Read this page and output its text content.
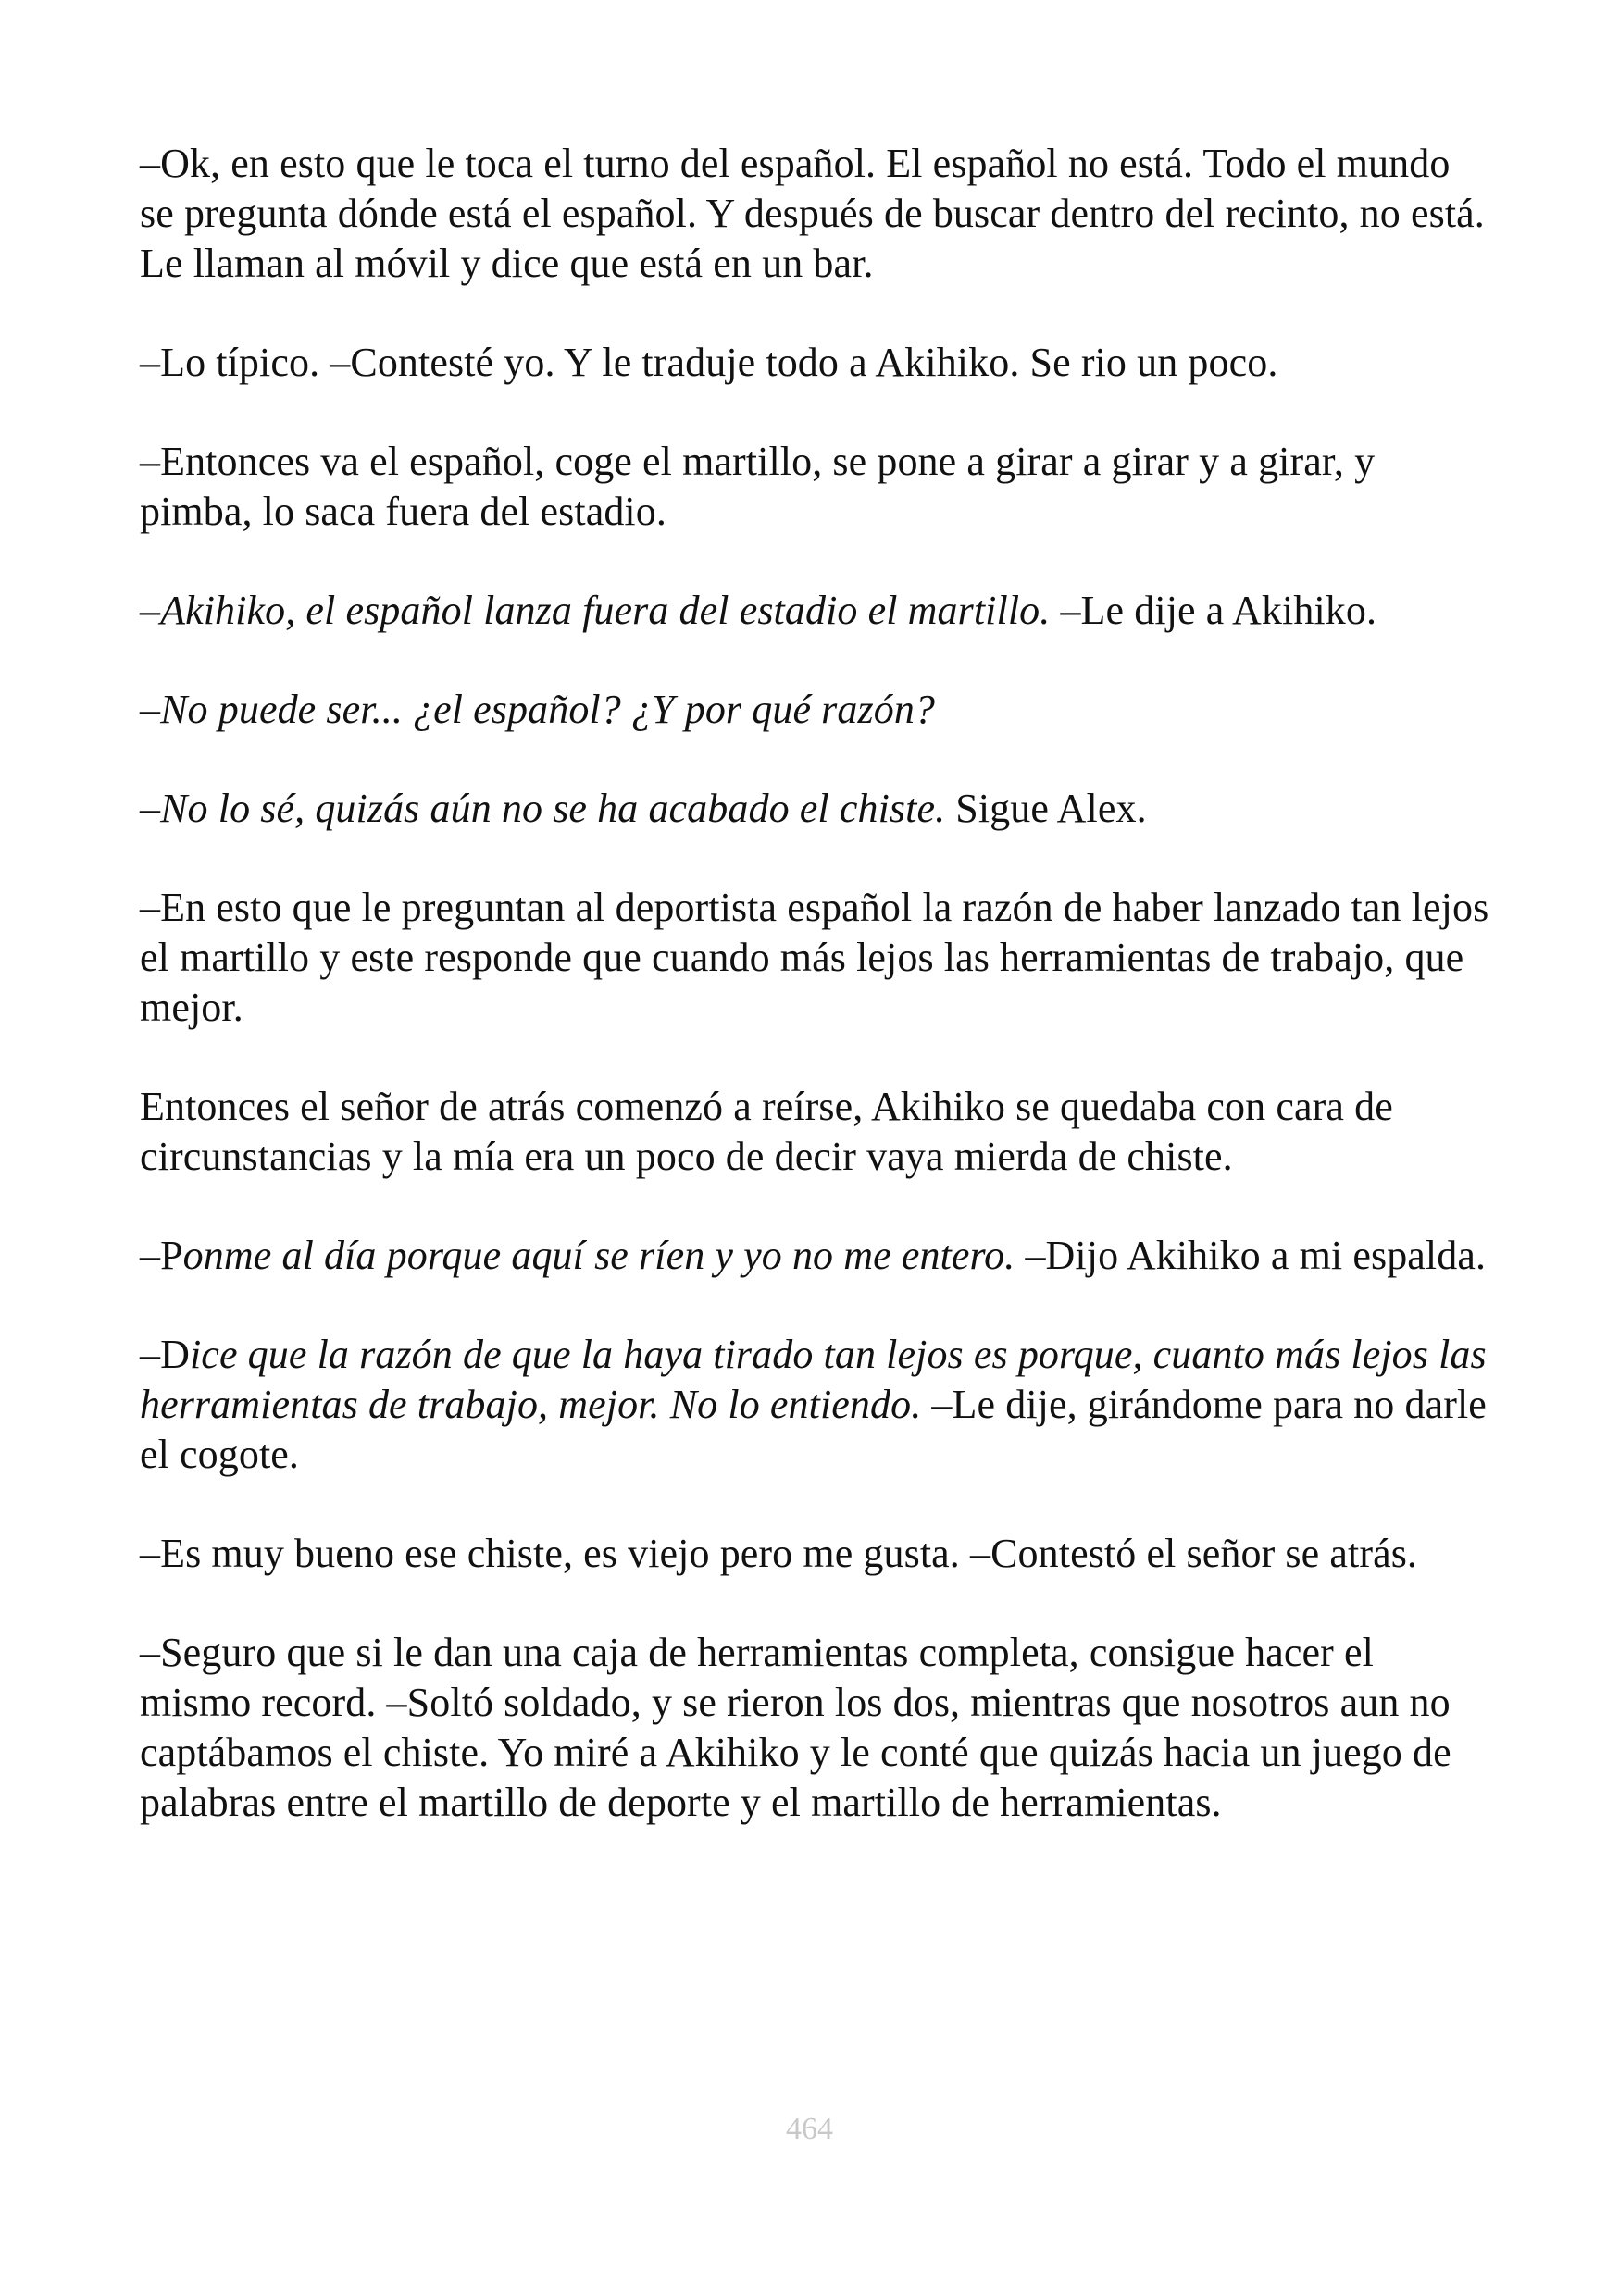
–Ok, en esto que le toca el turno del español. El español no está. Todo el mundo se pregunta dónde está el español. Y después de buscar dentro del recinto, no está. Le llaman al móvil y dice que está en un bar.

–Lo típico. –Contesté yo. Y le traduje todo a Akihiko. Se rio un poco.

–Entonces va el español, coge el martillo, se pone a girar a girar y a girar, y pimba, lo saca fuera del estadio.

–Akihiko, el español lanza fuera del estadio el martillo. –Le dije a Akihiko.

–No puede ser... ¿el español? ¿Y por qué razón?

–No lo sé, quizás aún no se ha acabado el chiste. Sigue Alex.

–En esto que le preguntan al deportista español la razón de haber lanzado tan lejos el martillo y este responde que cuando más lejos las herramientas de trabajo, que mejor.

Entonces el señor de atrás comenzó a reírse, Akihiko se quedaba con cara de circunstancias y la mía era un poco de decir vaya mierda de chiste.

–Ponme al día porque aquí se ríen y yo no me entero. –Dijo Akihiko a mi espalda.

–Dice que la razón de que la haya tirado tan lejos es porque, cuanto más lejos las herramientas de trabajo, mejor. No lo entiendo. –Le dije, girándome para no darle el cogote.

–Es muy bueno ese chiste, es viejo pero me gusta. –Contestó el señor se atrás.

–Seguro que si le dan una caja de herramientas completa, consigue hacer el mismo record. –Soltó soldado, y se rieron los dos, mientras que nosotros aun no captábamos el chiste. Yo miré a Akihiko y le conté que quizás hacia un juego de palabras entre el martillo de deporte y el martillo de herramientas.

464
